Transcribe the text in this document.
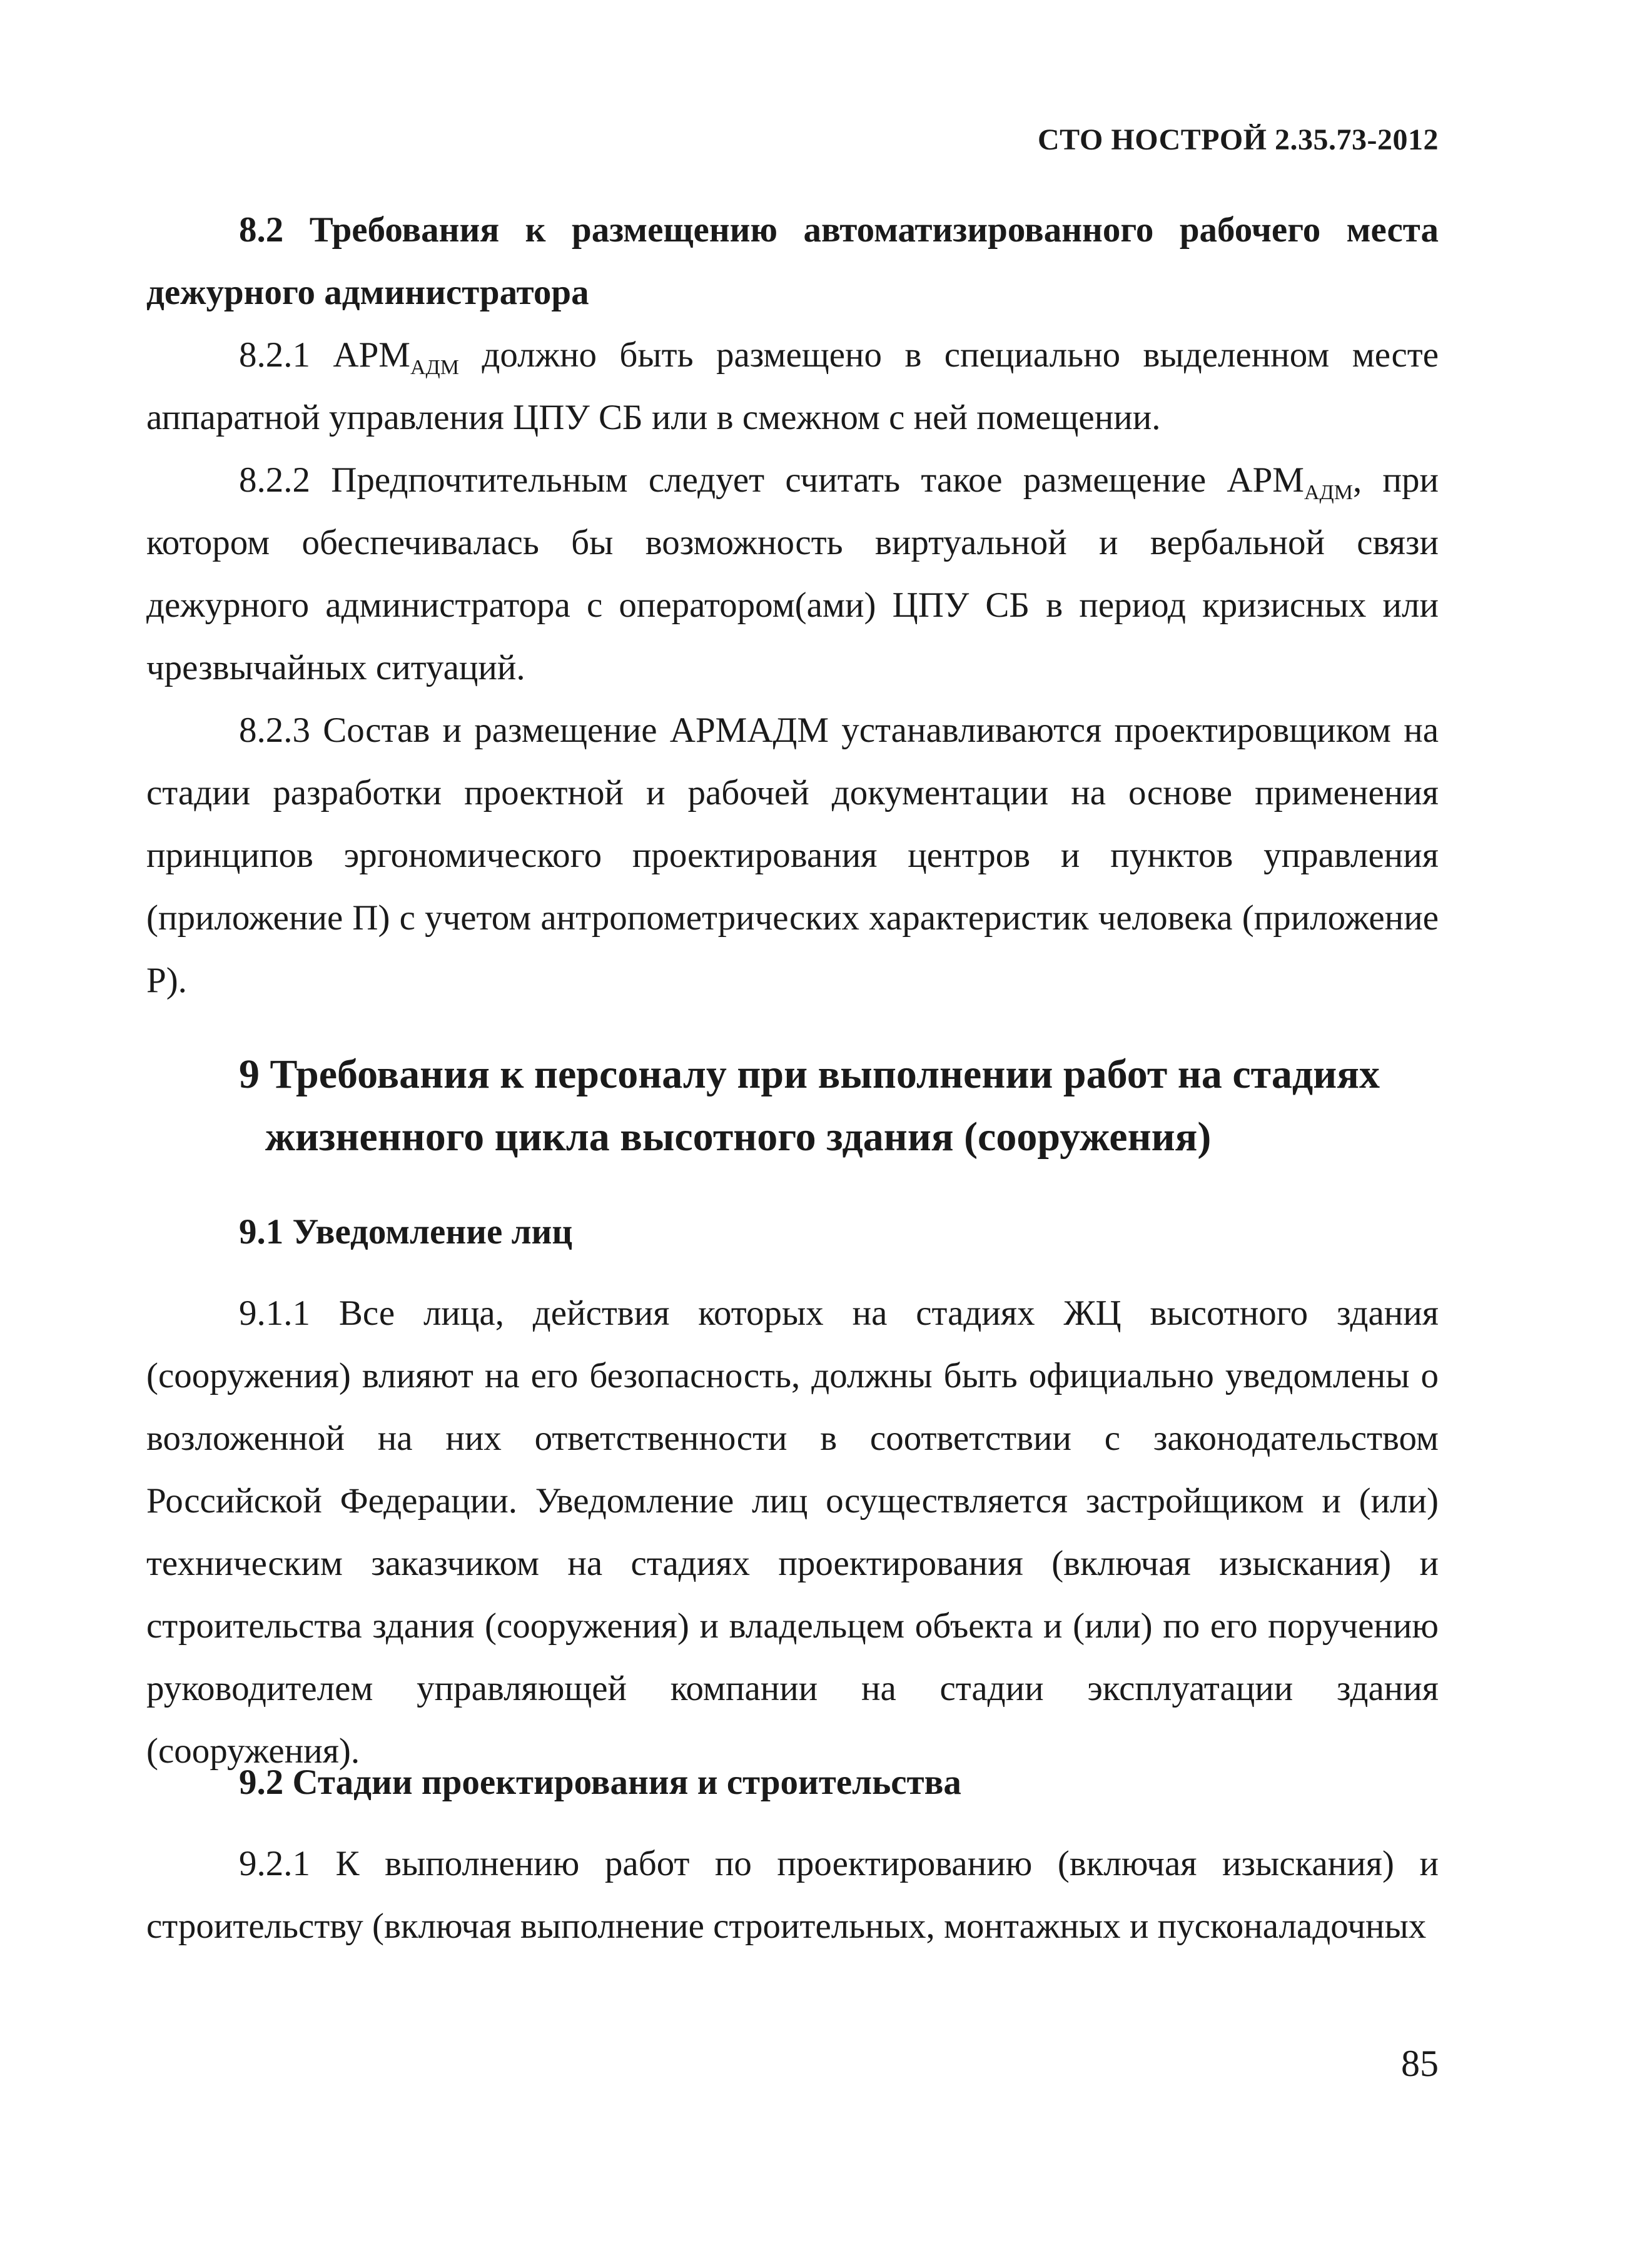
СТО НОСТРОЙ 2.35.73-2012

8.2 Требования к размещению автоматизированного рабочего места дежурного администратора

8.2.1 $АРМ_{АДМ}$ должно быть размещено в специально выделенном месте аппаратной управления ЦПУ СБ или в смежном с ней помещении.

8.2.2 Предпочтительным следует считать такое размещение $АРМ_{АДМ}$, при котором обеспечивалась бы возможность виртуальной и вербальной связи дежурного администратора с оператором(ами) ЦПУ СБ в период кризисных или чрезвычайных ситуаций.

8.2.3 Состав и размещение АРМАДМ устанавливаются проектировщиком на стадии разработки проектной и рабочей документации на основе применения принципов эргономического проектирования центров и пунктов управления (приложение П) с учетом антропометрических характеристик человека (приложение Р).

9 Требования к персоналу при выполнении работ на стадиях
жизненного цикла высотного здания (сооружения)

9.1 Уведомление лиц

9.1.1 Все лица, действия которых на стадиях ЖЦ высотного здания (сооружения) влияют на его безопасность, должны быть официально уведомлены о возложенной на них ответственности в соответствии с законодательством Российской Федерации. Уведомление лиц осуществляется застройщиком и (или) техническим заказчиком на стадиях проектирования (включая изыскания) и строительства здания (сооружения) и владельцем объекта и (или) по его поручению руководителем управляющей компании на стадии эксплуатации здания (сооружения).

9.2 Стадии проектирования и строительства

9.2.1 К выполнению работ по проектированию (включая изыскания) и строительству (включая выполнение строительных, монтажных и пусконаладочных

85
